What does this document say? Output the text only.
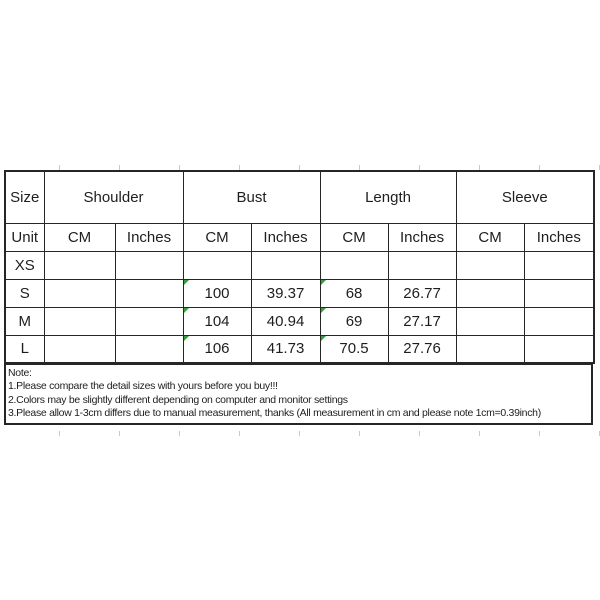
Size	Shoulder		Bust		Length		Sleeve	
Unit	CM	Inches	CM	Inches	CM	Inches	CM	Inches
XS								
S			100	39.37	68	26.77		
M			104	40.94	69	27.17		
L			106	41.73	70.5	27.76		
Note:
1.Please compare the detail sizes with yours before you buy!!!
2.Colors may be slightly different depending on computer and monitor settings
3.Please allow 1-3cm differs due to manual measurement, thanks (All measurement in cm and please note 1cm=0.39inch)
